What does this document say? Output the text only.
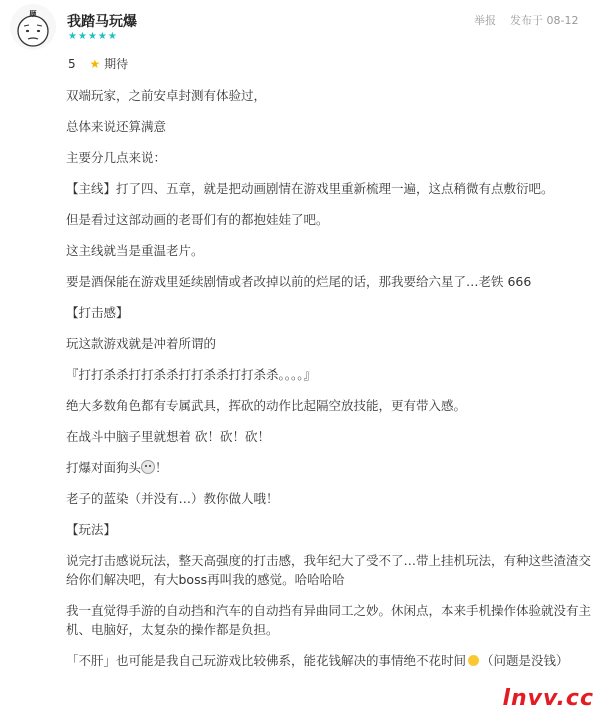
顾 我踏马玩爆
★★★★★
举报 发布于 08-12
5 ★ 期待

双端玩家，之前安卓封测有体验过，

总体来说还算满意

主要分几点来说：

【主线】打了四、五章，就是把动画剧情在游戏里重新梳理一遍，这点稍微有点敷衍吧。

但是看过这部动画的老哥们有的都抱娃娃了吧。

这主线就当是重温老片。

要是酒保能在游戏里延续剧情或者改掉以前的烂尾的话，那我要给六星了…老铁 666

【打击感】

玩这款游戏就是冲着所谓的

『打打杀杀打打杀杀打打杀杀打打杀杀。。。。』

绝大多数角色都有专属武具，挥砍的动作比起隔空放技能，更有带入感。

在战斗中脑子里就想着 砍！砍！砍！

打爆对面狗头 ！

老子的蓝染（并没有…）教你做人哦！

【玩法】

说完打击感说玩法，整天高强度的打击感，我年纪大了受不了…带上挂机玩法，有种这些渣渣交给你们解决吧，有大boss再叫我的感觉。哈哈哈哈

我一直觉得手游的自动挡和汽车的自动挡有异曲同工之妙。休闲点，本来手机操作体验就没有主机、电脑好，太复杂的操作都是负担。

「不肝」也可能是我自己玩游戏比较佛系，能花钱解决的事情绝不花时间 （问题是没钱）

lnvv.cc
